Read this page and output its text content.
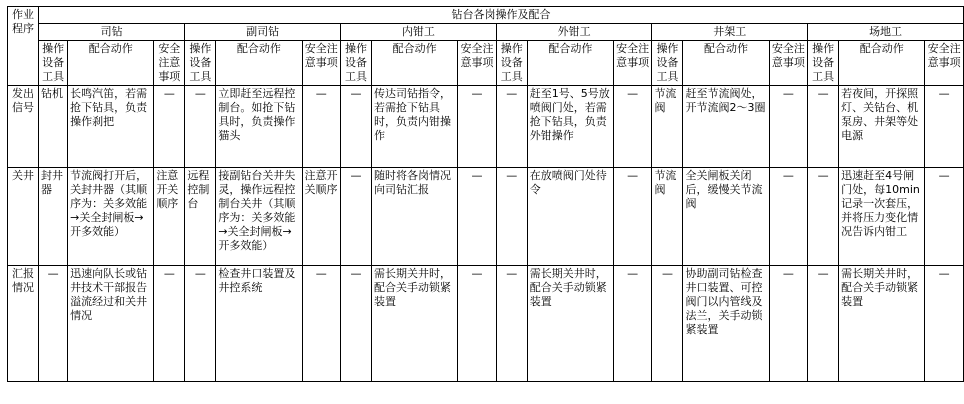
作业程序	钻台各岗操作及配合																	
	司钻			副司钻			内钳工			外钳工			井架工			场地工		
	操作设备工具	配合动作	安全注意事项	操作设备工具	配合动作	安全注意事项	操作设备工具	配合动作	安全注意事项	操作设备工具	配合动作	安全注意事项	操作设备工具	配合动作	安全注意事项	操作设备工具	配合动作	安全注意事项
发出信号	钻机	长鸣汽笛，若需抢下钻具，负责操作刹把	—	—	立即赶至远程控制台。如抢下钻具时，负责操作猫头	—	—	传达司钻指令，若需抢下钻具时，负责内钳操作	—	—	赶至1号、5号放喷阀门处，若需抢下钻具，负责外钳操作	—	节流阀	赶至节流阀处，开节流阀2～3圈	—	—	若夜间，开探照灯、关钻台、机泵房、井架等处电源	—
关井	封井器	节流阀打开后，关封井器（其顺序为：关多效能→关全封闸板→开多效能）	注意开关顺序	远程控制台	接副钻台关井失灵，操作远程控制台关井（其顺序为：关多效能→关全封闸板→开多效能）	注意开关顺序	—	随时将各岗情况向司钻汇报	—	—	在放喷阀门处待令	—	节流阀	全关闸板关闭后，缓慢关节流阀	—	—	迅速赶至4号闸门处，每10min记录一次套压，并将压力变化情况告诉内钳工	—
汇报情况	—	迅速向队长或钻井技术干部报告溢流经过和关井情况	—	—	检查井口装置及井控系统	—	—	需长期关井时，配合关手动锁紧装置	—	—	需长期关井时，配合关手动锁紧装置	—	—	协助副司钻检查井口装置、可控阀门以内管线及法兰，关手动锁紧装置	—	—	需长期关井时，配合关手动锁紧装置	—
